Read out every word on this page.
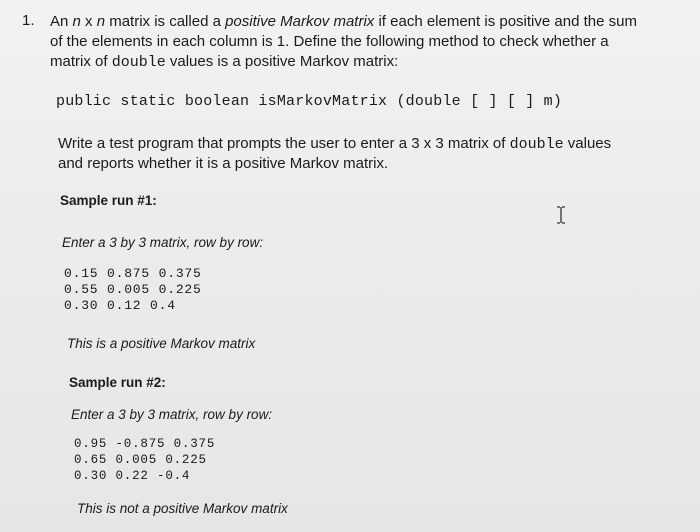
1. An n x n matrix is called a positive Markov matrix if each element is positive and the sum
of the elements in each column is 1. Define the following method to check whether a
matrix of double values is a positive Markov matrix:
public static boolean isMarkovMatrix (double [ ] [ ] m)
Write a test program that prompts the user to enter a 3 x 3 matrix of double values
and reports whether it is a positive Markov matrix.
Sample run #1:
Enter a 3 by 3 matrix, row by row:
0.15 0.875 0.375
0.55 0.005 0.225
0.30 0.12 0.4
This is a positive Markov matrix
Sample run #2:
Enter a 3 by 3 matrix, row by row:
0.95 -0.875 0.375
0.65 0.005 0.225
0.30 0.22 -0.4
This is not a positive Markov matrix
